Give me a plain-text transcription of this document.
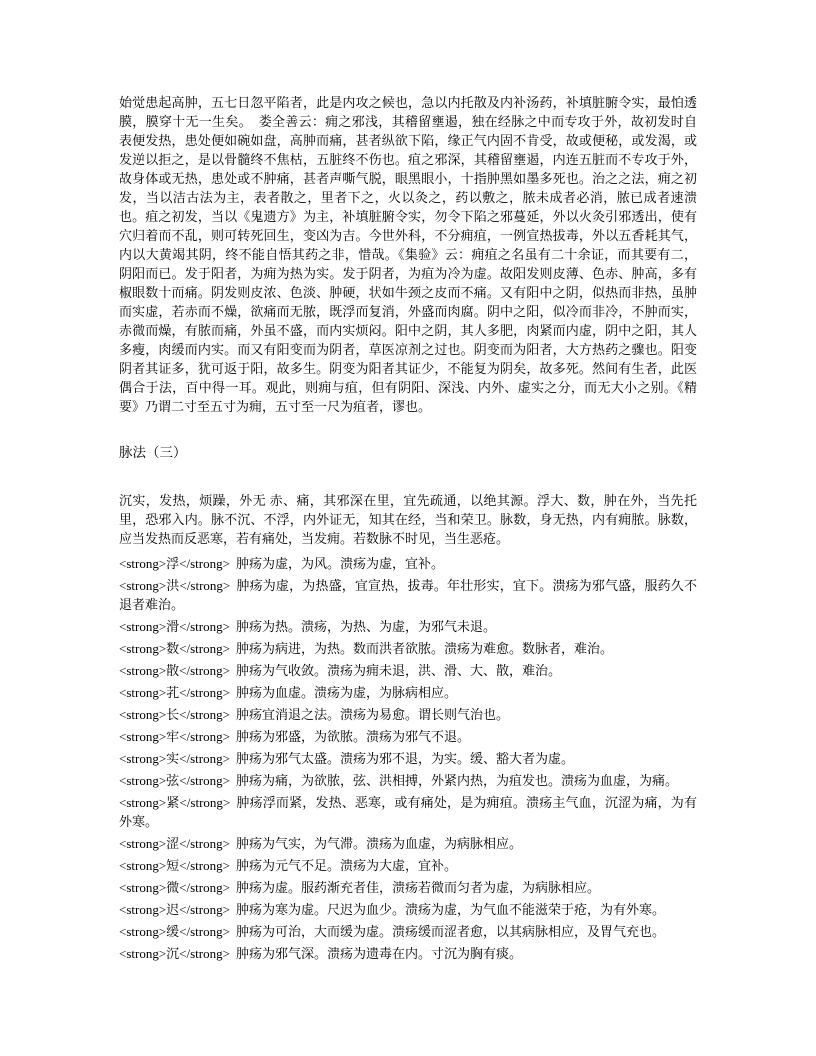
始觉患起高肿，五七日忽平陷者，此是内攻之候也，急以内托散及内补汤药，补填脏腑令实，最怕透膜，膜穿十无一生矣。　娄全善云：痈之邪浅，其稽留壅遏，独在经脉之中而专攻于外，故初发时自表便发热，患处便如碗如盘，高肿而痛，甚者纵欲下陷，缘正气内固不肯受，故或便秘，或发渴，或发逆以拒之，是以骨髓终不焦枯，五脏终不伤也。疽之邪深，其稽留壅遏，内连五脏而不专攻于外，故身体或无热，患处或不肿痛，甚者声嘶气脱，眼黑眼小，十指肿黑如墨多死也。治之之法，痈之初发，当以洁古法为主，表者散之，里者下之，火以灸之，药以敷之，脓未成者必消，脓已成者速溃也。疽之初发，当以《鬼遗方》为主，补填脏腑令实，勿令下陷之邪蔓延，外以火灸引邪透出，使有穴归着而不乱，则可转死回生，变凶为吉。今世外科，不分痈疽，一例宣热拔毒，外以五香耗其气，内以大黄竭其阴，终不能自悟其药之非，惜哉。《集验》云：痈疽之名虽有二十余证，而其要有二，阴阳而已。发于阳者，为痈为热为实。发于阴者，为疽为冷为虚。故阳发则皮薄、色赤、肿高，多有椒眼数十而痛。阴发则皮浓、色淡、肿硬，状如牛颈之皮而不痛。又有阳中之阴，似热而非热，虽肿而实虚，若赤而不燥，欲痛而无脓，既浮而复消，外盛而肉腐。阴中之阳，似冷而非冷，不肿而实，赤微而燥，有脓而痛，外虽不盛，而内实烦闷。阳中之阴，其人多肥，肉紧而内虚，阴中之阳，其人多瘦，肉缓而内实。而又有阳变而为阴者，草医凉剂之过也。阴变而为阳者，大方热药之骤也。阳变阴者其证多，犹可返于阳，故多生。阴变为阳者其证少，不能复为阴矣，故多死。然间有生者，此医偶合于法，百中得一耳。观此，则痈与疽，但有阴阳、深浅、内外、虚实之分，而无大小之别。《精要》乃谓二寸至五寸为痈，五寸至一尺为疽者，谬也。

脉法（三）

沉实，发热，烦躁，外无 赤、痛，其邪深在里，宜先疏通，以绝其源。浮大、数，肿在外，当先托里，恐邪入内。脉不沉、不浮，内外证无，知其在经，当和荣卫。脉数，身无热，内有痈脓。脉数，应当发热而反恶寒，若有痛处，当发痈。若数脉不时见，当生恶疮。

<strong>浮</strong> 肿疡为虚，为风。溃疡为虚，宜补。

<strong>洪</strong> 肿疡为虚，为热盛，宜宣热，拔毒。年壮形实，宜下。溃疡为邪气盛，服药久不退者难治。

<strong>滑</strong> 肿疡为热。溃疡，为热、为虚，为邪气未退。

<strong>数</strong> 肿疡为病进，为热。数而洪者欲脓。溃疡为难愈。数脉者，难治。

<strong>散</strong> 肿疡为气收敛。溃疡为痈未退，洪、滑、大、散，难治。

<strong>芤</strong> 肿疡为血虚。溃疡为虚，为脉病相应。

<strong>长</strong> 肿疡宜消退之法。溃疡为易愈。谓长则气治也。

<strong>牢</strong> 肿疡为邪盛，为欲脓。溃疡为邪气不退。

<strong>实</strong> 肿疡为邪气太盛。溃疡为邪不退，为实。缓、豁大者为虚。

<strong>弦</strong> 肿疡为痛，为欲脓，弦、洪相搏，外紧内热，为疽发也。溃疡为血虚，为痛。

<strong>紧</strong> 肿疡浮而紧，发热、恶寒，或有痛处，是为痈疽。溃疡主气血，沉涩为痛，为有外寒。

<strong>涩</strong> 肿疡为气实，为气滞。溃疡为血虚，为病脉相应。

<strong>短</strong> 肿疡为元气不足。溃疡为大虚，宜补。

<strong>微</strong> 肿疡为虚。服药渐充者佳，溃疡若微而匀者为虚，为病脉相应。

<strong>迟</strong> 肿疡为寒为虚。尺迟为血少。溃疡为虚，为气血不能滋荣于疮，为有外寒。

<strong>缓</strong> 肿疡为可治，大而缓为虚。溃疡缓而涩者愈，以其病脉相应，及胃气充也。

<strong>沉</strong> 肿疡为邪气深。溃疡为遗毒在内。寸沉为胸有痰。
